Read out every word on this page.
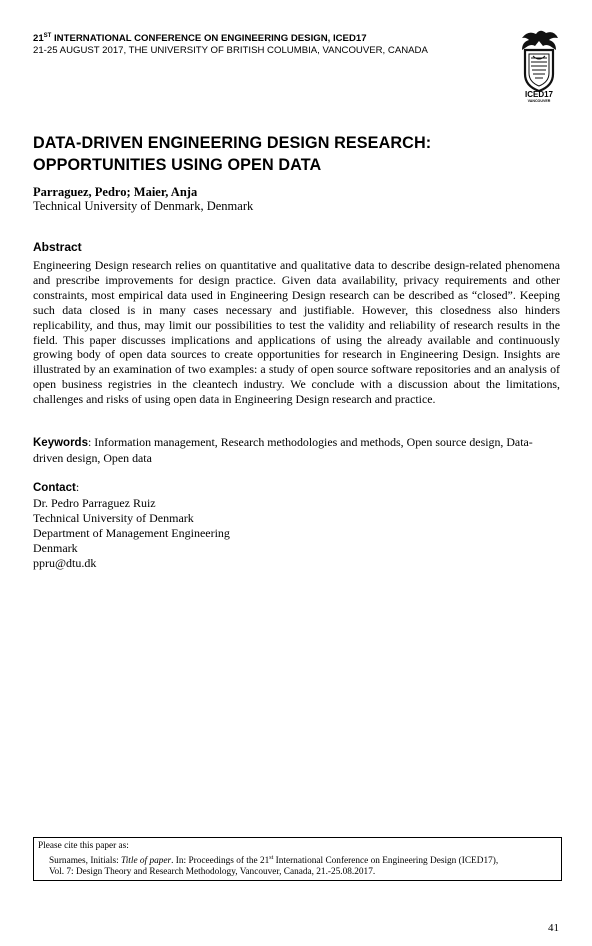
21ST INTERNATIONAL CONFERENCE ON ENGINEERING DESIGN, ICED17
21-25 AUGUST 2017, THE UNIVERSITY OF BRITISH COLUMBIA, VANCOUVER, CANADA
ICED17
VANCOUVER
DATA-DRIVEN ENGINEERING DESIGN RESEARCH:
OPPORTUNITIES USING OPEN DATA
Parraguez, Pedro; Maier, Anja
Technical University of Denmark, Denmark
Abstract
Engineering Design research relies on quantitative and qualitative data to describe design-related phenomena and prescribe improvements for design practice. Given data availability, privacy requirements and other constraints, most empirical data used in Engineering Design research can be described as “closed”. Keeping such data closed is in many cases necessary and justifiable. However, this closedness also hinders replicability, and thus, may limit our possibilities to test the validity and reliability of research results in the field. This paper discusses implications and applications of using the already available and continuously growing body of open data sources to create opportunities for research in Engineering Design. Insights are illustrated by an examination of two examples: a study of open source software repositories and an analysis of open business registries in the cleantech industry. We conclude with a discussion about the limitations, challenges and risks of using open data in Engineering Design research and practice.
Keywords: Information management, Research methodologies and methods, Open source design, Data-driven design, Open data
Contact:
Dr. Pedro Parraguez Ruiz
Technical University of Denmark
Department of Management Engineering
Denmark
ppru@dtu.dk
Please cite this paper as:
Surnames, Initials: Title of paper. In: Proceedings of the 21st International Conference on Engineering Design (ICED17),
Vol. 7: Design Theory and Research Methodology, Vancouver, Canada, 21.-25.08.2017.
41
